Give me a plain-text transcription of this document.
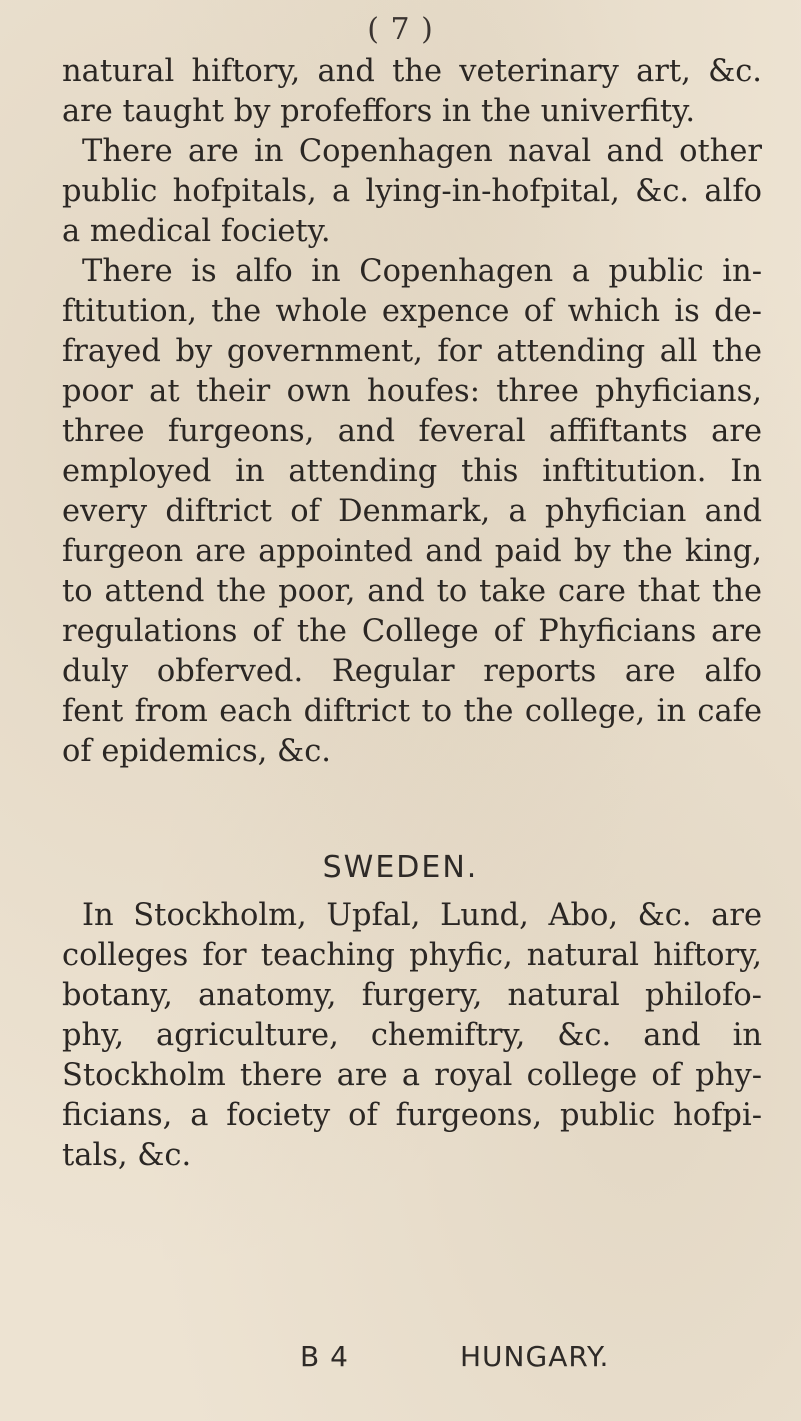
( 7 )
natural hiftory, and the veterinary art, &c.
are taught by profeffors in the univerfity.
There are in Copenhagen naval and other
public hofpitals, a lying-in-hofpital, &c. alfo
a medical fociety.
There is alfo in Copenhagen a public in-
ftitution, the whole expence of which is de-
frayed by government, for attending all the
poor at their own houfes: three phyficians,
three furgeons, and feveral affiftants are
employed in attending this inftitution. In
every diftrict of Denmark, a phyfician and
furgeon are appointed and paid by the king,
to attend the poor, and to take care that the
regulations of the College of Phyficians are
duly obferved. Regular reports are alfo
fent from each diftrict to the college, in cafe
of epidemics, &c.
SWEDEN.
In Stockholm, Upfal, Lund, Abo, &c. are
colleges for teaching phyfic, natural hiftory,
botany, anatomy, furgery, natural philofo-
phy, agriculture, chemiftry, &c. and in
Stockholm there are a royal college of phy-
ficians, a fociety of furgeons, public hofpi-
tals, &c.
B 4	HUNGARY.
